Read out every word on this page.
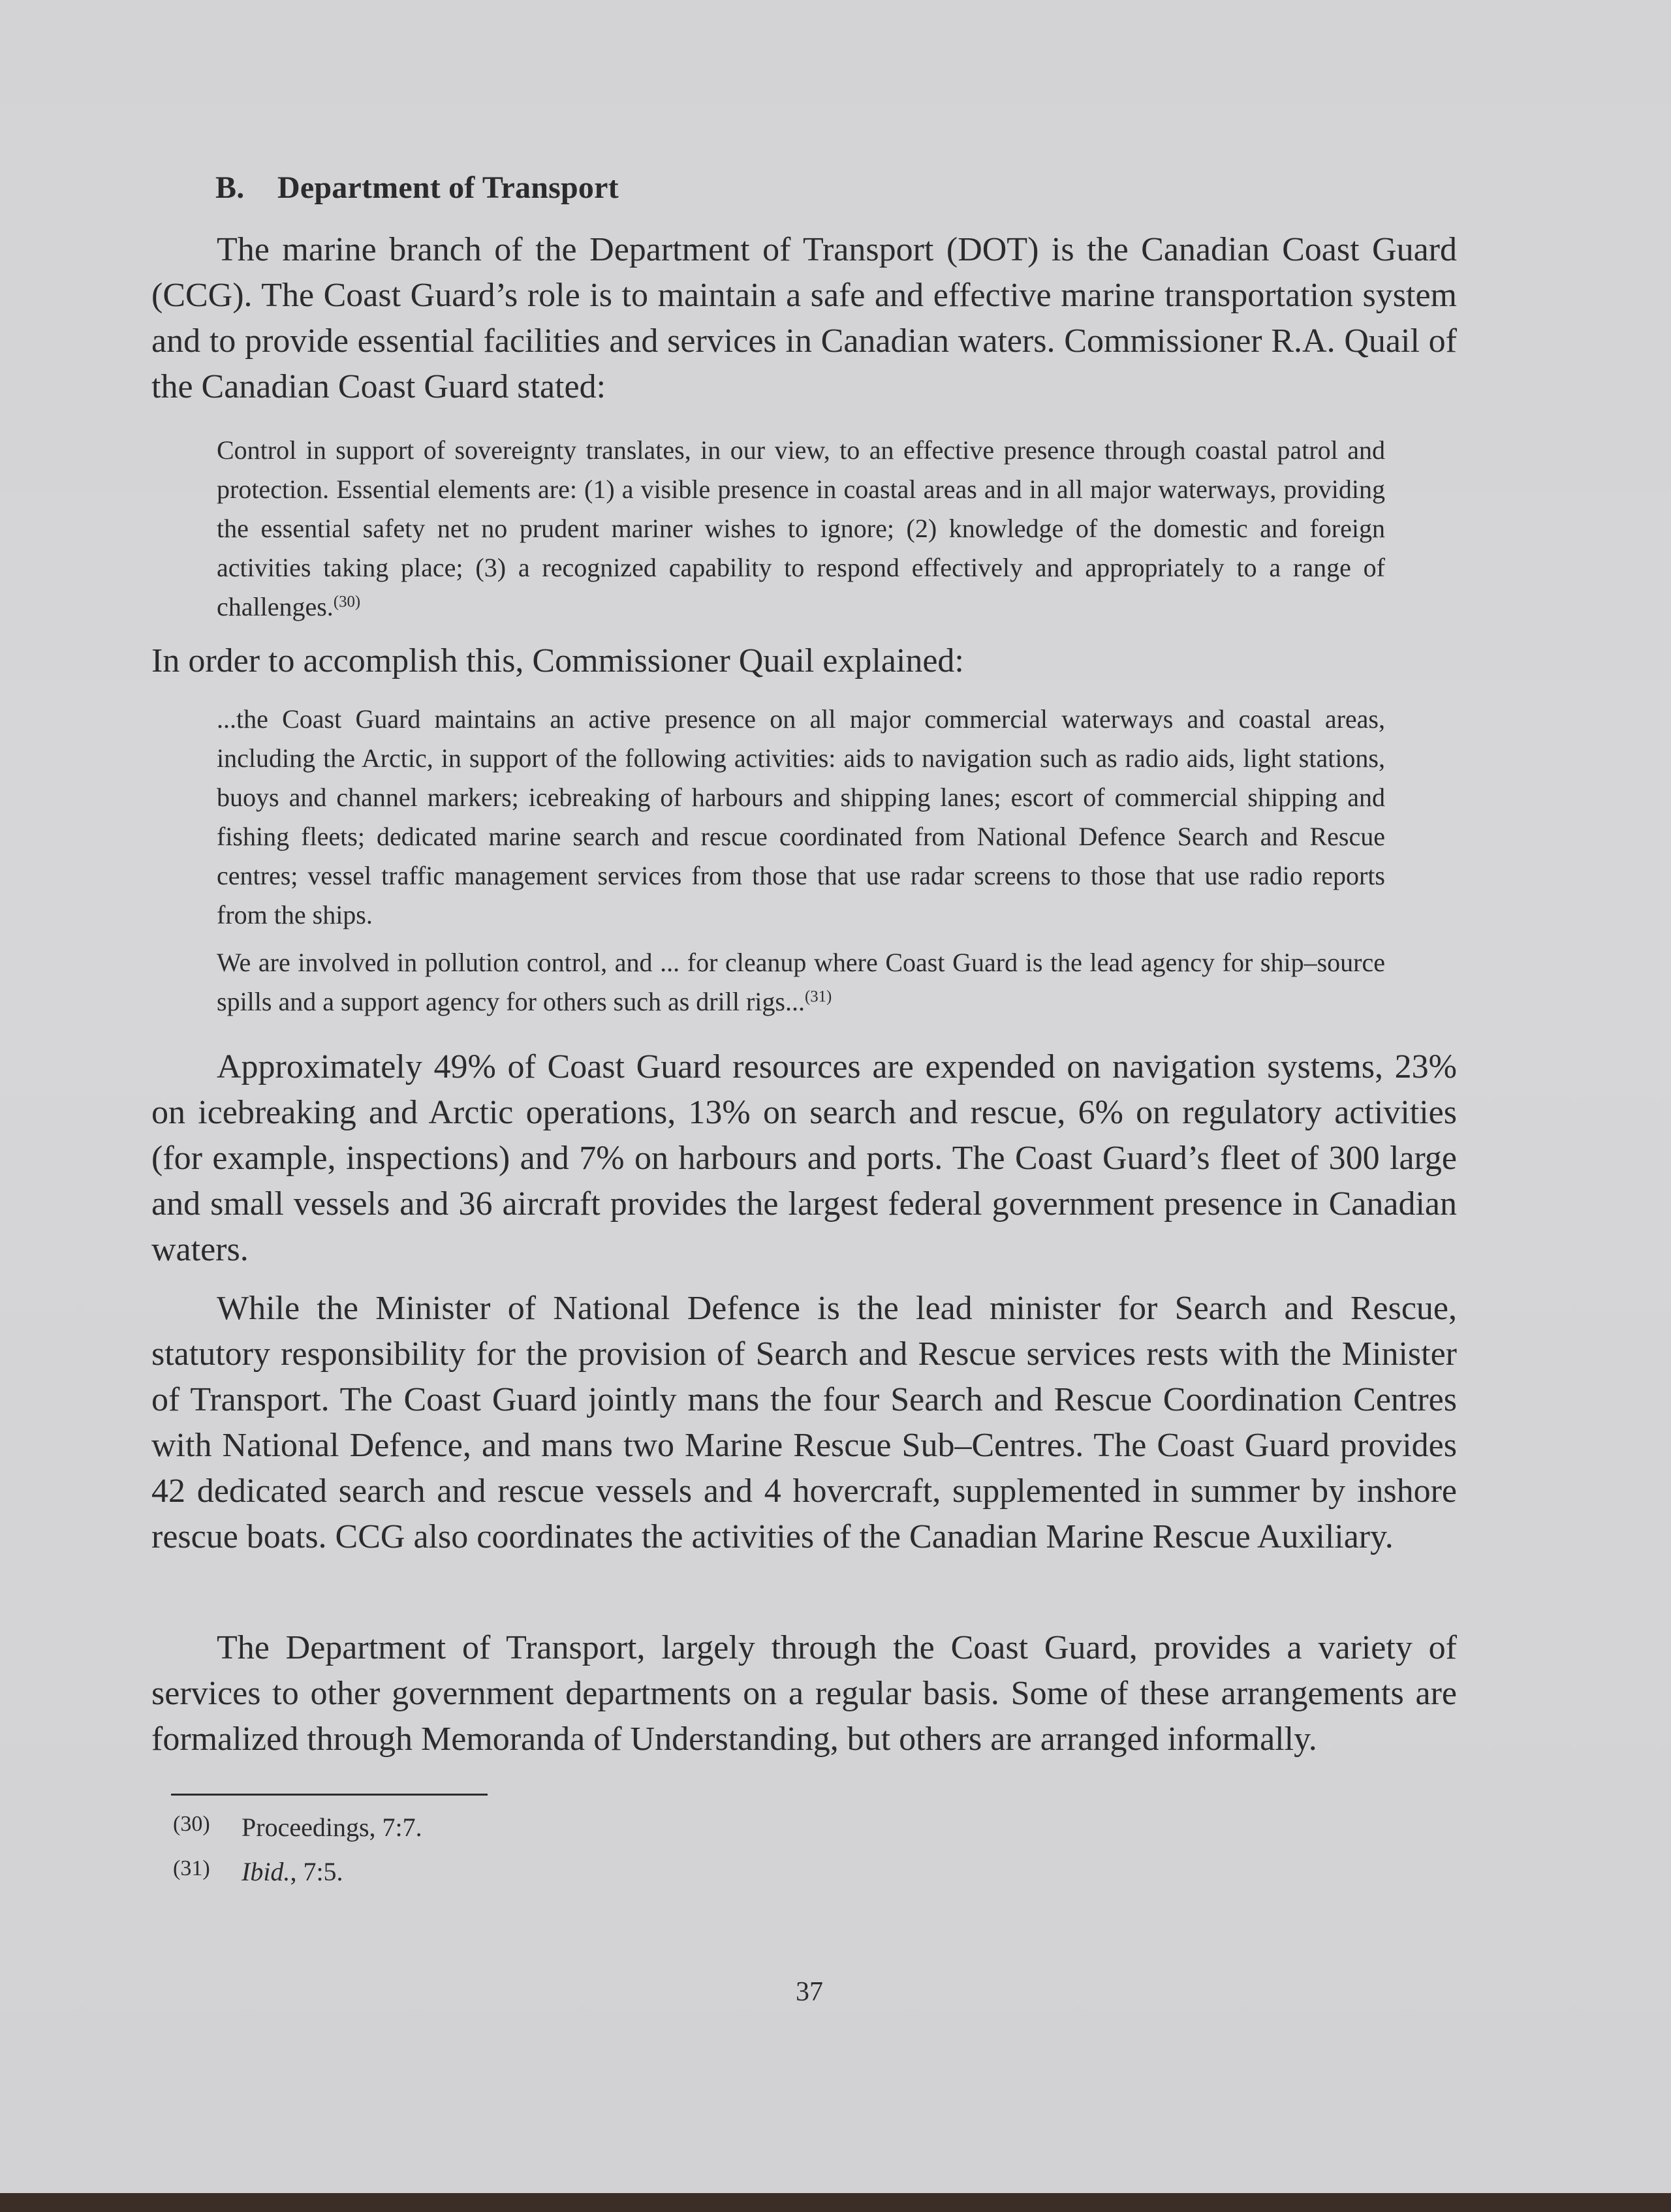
B. Department of Transport

The marine branch of the Department of Transport (DOT) is the Canadian Coast Guard (CCG). The Coast Guard’s role is to maintain a safe and effective marine transportation system and to provide essential facilities and services in Canadian waters. Commissioner R.A. Quail of the Canadian Coast Guard stated:

Control in support of sovereignty translates, in our view, to an effective presence through coastal patrol and protection. Essential elements are: (1) a visible presence in coastal areas and in all major waterways, providing the essential safety net no prudent mariner wishes to ignore; (2) knowledge of the domestic and foreign activities taking place; (3) a recognized capability to respond effectively and appropriately to a range of challenges.$^{(30)}$

In order to accomplish this, Commissioner Quail explained:

...the Coast Guard maintains an active presence on all major commercial waterways and coastal areas, including the Arctic, in support of the following activities: aids to navigation such as radio aids, light stations, buoys and channel markers; icebreaking of harbours and shipping lanes; escort of commercial shipping and fishing fleets; dedicated marine search and rescue coordinated from National Defence Search and Rescue centres; vessel traffic management services from those that use radar screens to those that use radio reports from the ships.

We are involved in pollution control, and ... for cleanup where Coast Guard is the lead agency for ship–source spills and a support agency for others such as drill rigs...$^{(31)}$

Approximately 49% of Coast Guard resources are expended on navigation systems, 23% on icebreaking and Arctic operations, 13% on search and rescue, 6% on regulatory activities (for example, inspections) and 7% on harbours and ports. The Coast Guard’s fleet of 300 large and small vessels and 36 aircraft provides the largest federal government presence in Canadian waters.

While the Minister of National Defence is the lead minister for Search and Rescue, statutory responsibility for the provision of Search and Rescue services rests with the Minister of Transport. The Coast Guard jointly mans the four Search and Rescue Coordination Centres with National Defence, and mans two Marine Rescue Sub–Centres. The Coast Guard provides 42 dedicated search and rescue vessels and 4 hovercraft, supplemented in summer by inshore rescue boats. CCG also coordinates the activities of the Canadian Marine Rescue Auxiliary.

The Department of Transport, largely through the Coast Guard, provides a variety of services to other government departments on a regular basis. Some of these arrangements are formalized through Memoranda of Understanding, but others are arranged informally.

(30) Proceedings, 7:7.
(31) Ibid., 7:5.
37
